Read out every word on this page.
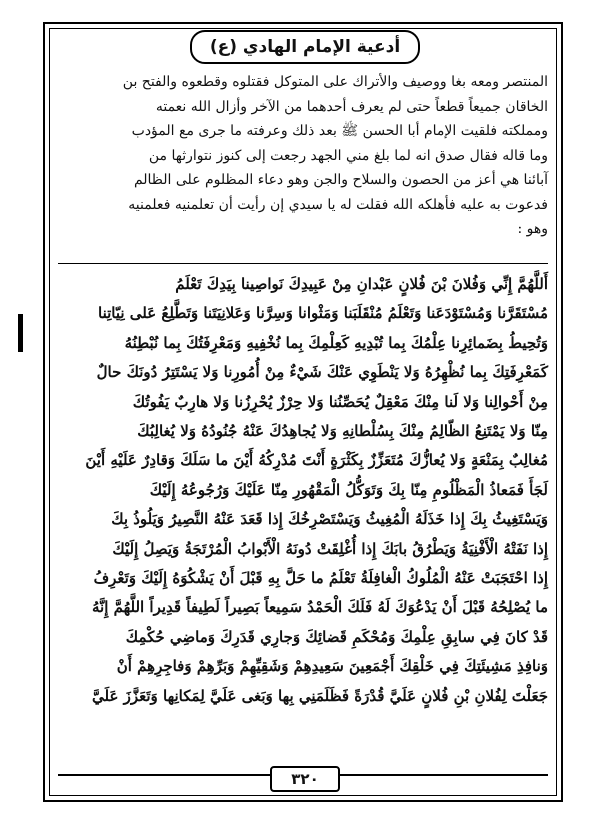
أدعية الإمام الهادي (ع)

المنتصر ومعه بغا ووصيف والأتراك على المتوكل فقتلوه وقطعوه والفتح بن

الخاقان جميعاً قطعاً حتى لم يعرف أحدهما من الآخر وأزال الله نعمته

ومملكته فلقيت الإمام أبا الحسن ﷺ بعد ذلك وعرفته ما جرى مع المؤدب

وما قاله فقال صدق انه لما بلغ مني الجهد رجعت إلى كنوز نتوارثها من

آبائنا هي أعز من الحصون والسلاح والجن وهو دعاء المظلوم على الظالم

فدعوت به عليه فأهلكه الله فقلت له يا سيدي إن رأيت أن تعلمنيه فعلمنيه

وهو :

أَللَّهُمَّ إِنِّي وَفُلانَ بْنَ فُلانٍ عَبْدانِ مِنْ عَبِيدِكَ نَواصِينا بِيَدِكَ تَعْلَمُ

مُسْتَقَرَّنا وَمُسْتَوْدَعَنا وَتَعْلَمُ مُنْقَلَبَنا وَمَثْوانا وَسِرَّنا وَعَلانِيَتَنا وَتَطَّلِعُ عَلى نِيّاتِنا

وَتُحِيطُ بِضَمائِرِنا عِلْمُكَ بِما تُبْدِيهِ كَعِلْمِكَ بِما نُخْفِيهِ وَمَعْرِفَتُكَ بِما نُبْطِنُهُ

كَمَعْرِفَتِكَ بِما نُظْهِرُهُ وَلا يَنْطَوِي عَنْكَ شَيْءٌ مِنْ أُمُورِنا وَلا يَسْتَتِرُ دُونَكَ حالٌ

مِنْ أَحْوالِنا وَلا لَنا مِنْكَ مَعْقِلٌ يُحَصِّنُنا وَلا حِرْزٌ يُحْرِزُنا وَلا هارِبٌ يَفُوتُكَ

مِنّا وَلا يَمْتَنِعُ الظّالِمُ مِنْكَ بِسُلْطانِهِ وَلا يُجاهِدُكَ عَنْهُ جُنُودُهُ وَلا يُغالِبُكَ

مُغالِبٌ بِمَنْعَةٍ وَلا يُعازُّكَ مُتَعَزِّزٌ بِكَثْرَةٍ أَنْتَ مُدْرِكُهُ أَيْنَ ما سَلَكَ وَقادِرٌ عَلَيْهِ أَيْنَ

لَجَأَ فَمَعاذُ الْمَظْلُومِ مِنّا بِكَ وَتَوَكُّلُ الْمَقْهُورِ مِنّا عَلَيْكَ وَرُجُوعُهُ إِلَيْكَ

وَيَسْتَغِيثُ بِكَ إِذا خَذَلَهُ الْمُغِيثُ وَيَسْتَصْرِخُكَ إِذا قَعَدَ عَنْهُ النَّصِيرُ وَيَلُوذُ بِكَ

إِذا نَفَتْهُ الْأَفْنِيَةُ وَيَطْرُقُ بابَكَ إِذا أُغْلِقَتْ دُونَهُ الْأَبْوابُ الْمُرْتَجَةُ وَيَصِلُ إِلَيْكَ

إِذا احْتَجَبَتْ عَنْهُ الْمُلُوكُ الْغافِلَةُ تَعْلَمُ ما حَلَّ بِهِ قَبْلَ أَنْ يَشْكُوَهُ إِلَيْكَ وَتَعْرِفُ

ما يُصْلِحُهُ قَبْلَ أَنْ يَدْعُوَكَ لَهُ فَلَكَ الْحَمْدُ سَمِيعاً بَصِيراً لَطِيفاً قَدِيراً اللَّهُمَّ إِنَّهُ

قَدْ كانَ فِي سابِقِ عِلْمِكَ وَمُحْكَمِ قَضائِكَ وَجارِي قَدَرِكَ وَماضِي حُكْمِكَ

وَنافِذِ مَشِيئَتِكَ فِي خَلْقِكَ أَجْمَعِينَ سَعِيدِهِمْ وَشَقِيِّهِمْ وَبَرِّهِمْ وَفاجِرِهِمْ أَنْ

جَعَلْتَ لِفُلانِ بْنِ فُلانٍ عَلَيَّ قُدْرَةً فَظَلَمَنِي بِها وَبَغى عَلَيَّ لِمَكانِها وَتَعَزَّزَ عَلَيَّ

٣٢٠
